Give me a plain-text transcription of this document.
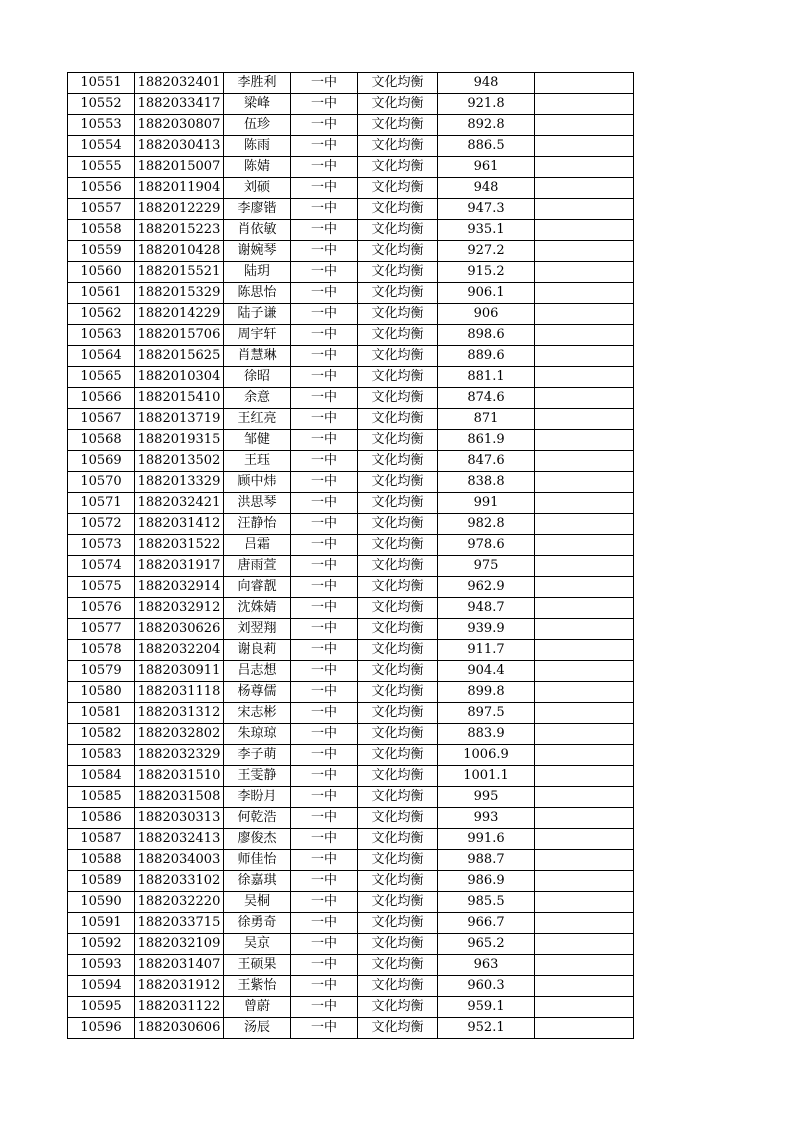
10551	1882032401	李胜利	一中	文化均衡	948	
10552	1882033417	梁峰	一中	文化均衡	921.8	
10553	1882030807	伍珍	一中	文化均衡	892.8	
10554	1882030413	陈雨	一中	文化均衡	886.5	
10555	1882015007	陈婧	一中	文化均衡	961	
10556	1882011904	刘硕	一中	文化均衡	948	
10557	1882012229	李廖锴	一中	文化均衡	947.3	
10558	1882015223	肖依敏	一中	文化均衡	935.1	
10559	1882010428	谢婉琴	一中	文化均衡	927.2	
10560	1882015521	陆玥	一中	文化均衡	915.2	
10561	1882015329	陈思怡	一中	文化均衡	906.1	
10562	1882014229	陆子谦	一中	文化均衡	906	
10563	1882015706	周宇轩	一中	文化均衡	898.6	
10564	1882015625	肖慧琳	一中	文化均衡	889.6	
10565	1882010304	徐昭	一中	文化均衡	881.1	
10566	1882015410	余意	一中	文化均衡	874.6	
10567	1882013719	王红亮	一中	文化均衡	871	
10568	1882019315	邹健	一中	文化均衡	861.9	
10569	1882013502	王珏	一中	文化均衡	847.6	
10570	1882013329	顾中炜	一中	文化均衡	838.8	
10571	1882032421	洪思琴	一中	文化均衡	991	
10572	1882031412	汪静怡	一中	文化均衡	982.8	
10573	1882031522	吕霜	一中	文化均衡	978.6	
10574	1882031917	唐雨萱	一中	文化均衡	975	
10575	1882032914	向睿靓	一中	文化均衡	962.9	
10576	1882032912	沈姝婧	一中	文化均衡	948.7	
10577	1882030626	刘翌翔	一中	文化均衡	939.9	
10578	1882032204	谢良莉	一中	文化均衡	911.7	
10579	1882030911	吕志想	一中	文化均衡	904.4	
10580	1882031118	杨尊儒	一中	文化均衡	899.8	
10581	1882031312	宋志彬	一中	文化均衡	897.5	
10582	1882032802	朱琼琼	一中	文化均衡	883.9	
10583	1882032329	李子萌	一中	文化均衡	1006.9	
10584	1882031510	王雯静	一中	文化均衡	1001.1	
10585	1882031508	李盼月	一中	文化均衡	995	
10586	1882030313	何乾浩	一中	文化均衡	993	
10587	1882032413	廖俊杰	一中	文化均衡	991.6	
10588	1882034003	师佳怡	一中	文化均衡	988.7	
10589	1882033102	徐嘉琪	一中	文化均衡	986.9	
10590	1882032220	吴桐	一中	文化均衡	985.5	
10591	1882033715	徐勇奇	一中	文化均衡	966.7	
10592	1882032109	吴京	一中	文化均衡	965.2	
10593	1882031407	王硕果	一中	文化均衡	963	
10594	1882031912	王紫怡	一中	文化均衡	960.3	
10595	1882031122	曾蔚	一中	文化均衡	959.1	
10596	1882030606	汤辰	一中	文化均衡	952.1	
